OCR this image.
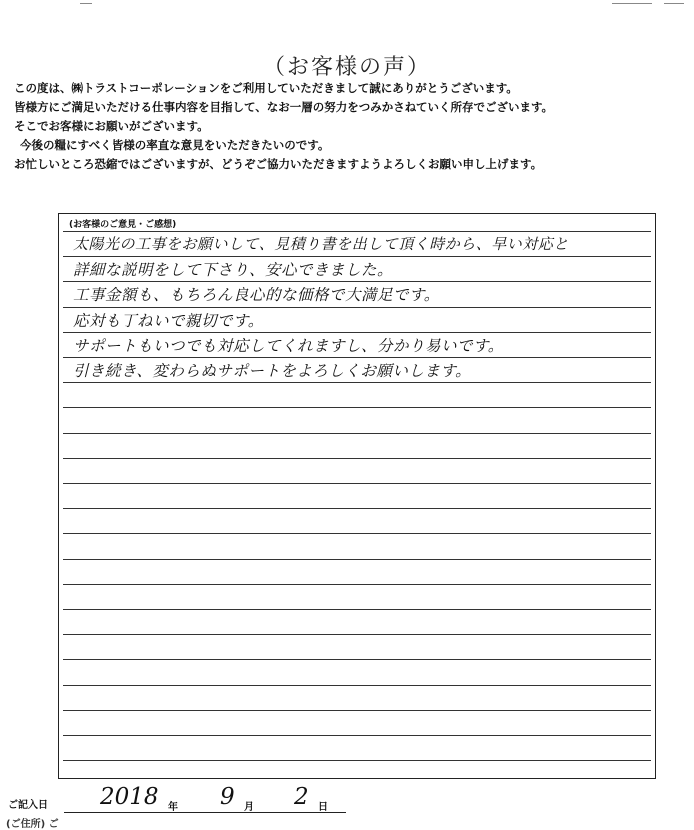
（お客様の声）
この度は、㈱トラストコーポレーションをご利用していただきまして誠にありがとうございます。
皆様方にご満足いただける仕事内容を目指して、なお一層の努力をつみかさねていく所存でございます。
そこでお客様にお願いがございます。
今後の糧にすべく皆様の率直な意見をいただきたいのです。
お忙しいところ恐縮ではございますが、どうぞご協力いただきますようよろしくお願い申し上げます。
(お客様のご意見・ご感想)
太陽光の工事をお願いして、見積り書を出して頂く時から、早い対応と
詳細な説明をして下さり、安心できました。
工事金額も、もちろん良心的な価格で大満足です。
応対も丁ねいで親切です。
サポートもいつでも対応してくれますし、分かり易いです。
引き続き、変わらぬサポートをよろしくお願いします。
ご記入日 2018 年 9 月 2 日
(ご住所) ご
